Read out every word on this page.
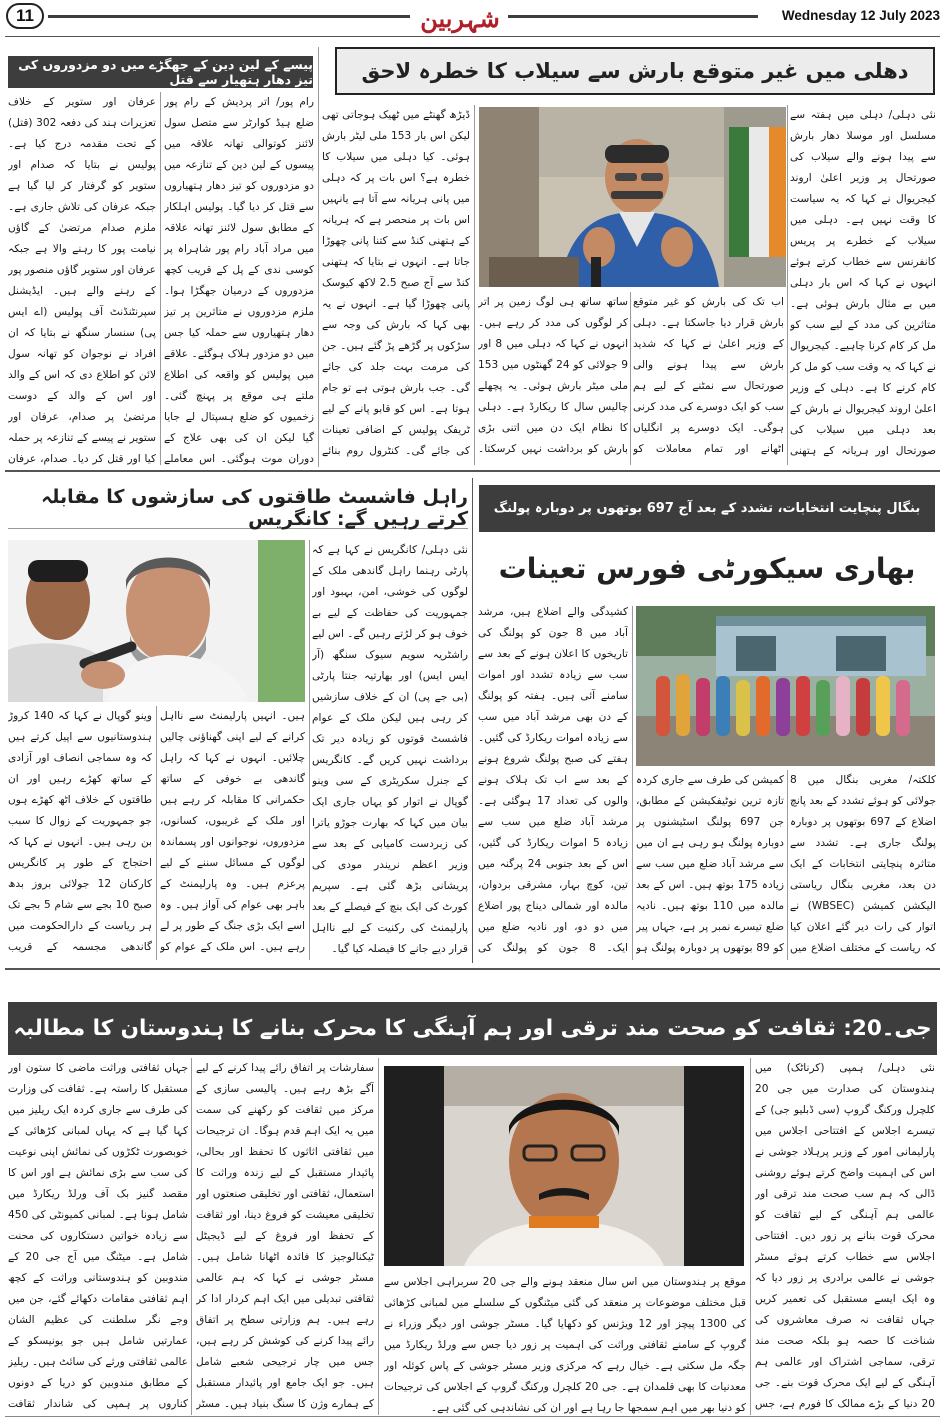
11	شہربین	Wednesday 12 July 2023
دھلی میں غیر متوقع بارش سے سیلاب کا خطرہ لاحق
نئی دہلی/ دہلی میں ہفتہ سے مسلسل اور موسلا دھار بارش سے پیدا ہونے والے سیلاب کی صورتحال پر وزیر اعلیٰ اروند کیجریوال نے کہا کہ یہ سیاست کا وقت نہیں ہے۔ دہلی میں سیلاب کے خطرے پر پریس کانفرنس سے خطاب کرتے ہوئے انہوں نے کہا کہ اس بار دہلی میں بے مثال بارش ہوئی ہے۔ متاثرین کی مدد کے لیے سب کو مل کر کام کرنا چاہیے۔ کیجریوال نے کہا کہ یہ وقت سب کو مل کر کام کرنے کا ہے۔ دہلی کے وزیر اعلیٰ اروند کیجریوال نے بارش کے بعد دہلی میں سیلاب کی صورتحال اور ہریانہ کے ہتھنی
اب تک کی بارش کو غیر متوقع بارش قرار دیا جاسکتا ہے۔ دہلی کے وزیر اعلیٰ نے کہا کہ شدید بارش سے پیدا ہونے والی صورتحال سے نمٹنے کے لیے ہم سب کو ایک دوسرے کی مدد کرنی ہوگی۔ ایک دوسرے پر انگلیاں اٹھانے اور تمام معاملات کو
ساتھ ساتھ ہی لوگ زمین پر اتر کر لوگوں کی مدد کر رہے ہیں۔ انہوں نے کہا کہ دہلی میں 8 اور 9 جولائی کو 24 گھنٹوں میں 153 ملی میٹر بارش ہوئی۔ یہ پچھلے چالیس سال کا ریکارڈ ہے۔ دہلی کا نظام ایک دن میں اتنی بڑی بارش کو برداشت نہیں کرسکتا۔
ڈیڑھ گھنٹے میں ٹھیک ہوجاتی تھی لیکن اس بار 153 ملی لیٹر بارش ہوئی۔ کیا دہلی میں سیلاب کا خطرہ ہے؟ اس بات پر کہ دہلی میں پانی ہریانہ سے آتا ہے یانہیں اس بات پر منحصر ہے کہ ہریانہ کے ہتھنی کنڈ سے کتنا پانی چھوڑا جاتا ہے۔ انہوں نے بتایا کہ ہتھنی کنڈ سے آج صبح 2.5 لاکھ کیوسک پانی چھوڑا گیا ہے۔ انہوں نے یہ بھی کہا کہ بارش کی وجہ سے سڑکوں پر گڑھے پڑ گئے ہیں۔ جن کی مرمت بہت جلد کی جائے گی۔ جب بارش ہوتی ہے تو جام ہوتا ہے۔ اس کو قابو پانے کے لیے ٹریفک پولیس کے اضافی تعینات کی جائے گی۔ کنٹرول روم بنائے
پیسے کے لین دین کے جھگڑے میں دو مزدوروں کی تیز دھار ہتھیار سے قتل
رام پور/ اتر پردیش کے رام پور ضلع ہیڈ کوارٹر سے متصل سول لائنز کوتوالی تھانہ علاقہ میں پیسوں کے لین دین کے تنازعہ میں دو مزدوروں کو تیز دھار ہتھیاروں سے قتل کر دیا گیا۔ پولیس اہلکار کے مطابق سول لائنز تھانہ علاقہ میں مراد آباد رام پور شاہراہ پر کوسی ندی کے پل کے قریب کچھ مزدوروں کے درمیان جھگڑا ہوا۔ ملزم مزدوروں نے متاثرین پر تیز دھار ہتھیاروں سے حملہ کیا جس میں دو مزدور ہلاک ہوگئے۔ علاقے میں پولیس کو واقعہ کی اطلاع ملتے ہی موقع پر پہنچ گئی۔ زخمیوں کو ضلع ہسپتال لے جایا گیا لیکن ان کی بھی علاج کے دوران موت ہوگئی۔ اس معاملے
عرفان اور ستویر کے خلاف تعزیرات ہند کی دفعہ 302 (قتل) کے تحت مقدمہ درج کیا ہے۔ پولیس نے بتایا کہ صدام اور ستویر کو گرفتار کر لیا گیا ہے جبکہ عرفان کی تلاش جاری ہے۔ ملزم صدام مرتضیٰ کے گاؤں نیامت پور کا رہنے والا ہے جبکہ عرفان اور ستویر گاؤں منصور پور کے رہنے والے ہیں۔ ایڈیشنل سپرنٹنڈنٹ آف پولیس (اے ایس پی) سنسار سنگھ نے بتایا کہ ان افراد نے نوجوان کو تھانہ سول لائن کو اطلاع دی کہ اس کے والد اور اس کے والد کے دوست مرتضیٰ پر صدام، عرفان اور ستویر نے پیسے کے تنازعہ پر حملہ کیا اور قتل کر دیا۔ صدام، عرفان
بنگال پنچایت انتخابات، تشدد کے بعد آج 697 بوتھوں پر دوبارہ پولنگ
بھاری سیکورٹی فورس تعینات
کلکتہ/ مغربی بنگال میں 8 جولائی کو ہوئے تشدد کے بعد پانچ اضلاع کے 697 بوتھوں پر دوبارہ پولنگ جاری ہے۔ تشدد سے متاثرہ پنچایتی انتخابات کے ایک دن بعد، مغربی بنگال ریاستی الیکشن کمیشن (WBSEC) نے اتوار کی رات دیر گئے اعلان کیا کہ ریاست کے مختلف اضلاع میں
کمیشن کی طرف سے جاری کردہ تازہ ترین نوٹیفکیشن کے مطابق، جن 697 پولنگ اسٹیشنوں پر دوبارہ پولنگ ہو رہی ہے ان میں سے مرشد آباد ضلع میں سب سے زیادہ 175 بوتھ ہیں۔ اس کے بعد مالدہ میں 110 بوتھ ہیں۔ نادیہ ضلع تیسرے نمبر پر ہے، جہاں پیر کو 89 بوتھوں پر دوبارہ پولنگ ہو
کشیدگی والے اضلاع ہیں، مرشد آباد میں 8 جون کو پولنگ کی تاریخوں کا اعلان ہونے کے بعد سے سب سے زیادہ تشدد اور اموات سامنے آئی ہیں۔ ہفتہ کو پولنگ کے دن بھی مرشد آباد میں سب سے زیادہ اموات ریکارڈ کی گئیں۔ ہفتے کی صبح پولنگ شروع ہونے کے بعد سے اب تک ہلاک ہونے والوں کی تعداد 17 ہوگئی ہے۔ مرشد آباد ضلع میں سب سے زیادہ 5 اموات ریکارڈ کی گئیں، اس کے بعد جنوبی 24 پرگنہ میں تین، کوچ بہار، مشرقی بردوان، مالدہ اور شمالی دیناج پور اضلاع میں دو دو، اور نادیہ ضلع میں ایک۔ 8 جون کو پولنگ کی
راہل فاشسٹ طاقتوں کی سازشوں کا مقابلہ کرتے رہیں گے: کانگریس
نئی دہلی/ کانگریس نے کہا ہے کہ پارٹی رہنما راہل گاندھی ملک کے لوگوں کی خوشی، امن، بہبود اور جمہوریت کی حفاظت کے لیے بے خوف ہو کر لڑتے رہیں گے۔ اس لیے راشٹریہ سویم سیوک سنگھ (آر ایس ایس) اور بھارتیہ جنتا پارٹی (بی جے پی) ان کے خلاف سازشیں کر رہی ہیں لیکن ملک کے عوام فاشسٹ قوتوں کو زیادہ دیر تک برداشت نہیں کریں گے۔ کانگریس کے جنرل سکریٹری کے سی وینو گوپال نے اتوار کو یہاں جاری ایک بیان میں کہا کہ بھارت جوڑو یاترا کی زبردست کامیابی کے بعد سے وزیر اعظم نریندر مودی کی پریشانی بڑھ گئی ہے۔ سپریم کورٹ کی ایک بنچ کے فیصلے کے بعد پارلیمنٹ کی رکنیت کے لیے نااہل قرار دیے جانے کا فیصلہ کیا گیا۔
ہیں۔ انہیں پارلیمنٹ سے نااہل کرانے کے لیے اپنی گھناؤنی چالیں چلائیں۔ انہوں نے کہا کہ راہل گاندھی بے خوفی کے ساتھ حکمرانی کا مقابلہ کر رہے ہیں اور ملک کے غریبوں، کسانوں، مزدوروں، نوجوانوں اور پسماندہ لوگوں کے مسائل سننے کے لیے پرعزم ہیں۔ وہ پارلیمنٹ کے باہر بھی عوام کی آواز ہیں۔ وہ اسے ایک بڑی جنگ کے طور پر لے رہے ہیں۔ اس ملک کے عوام کو
وینو گوپال نے کہا کہ 140 کروڑ ہندوستانیوں سے اپیل کرتے ہیں کہ وہ سماجی انصاف اور آزادی کے ساتھ کھڑے رہیں اور ان طاقتوں کے خلاف اٹھ کھڑے ہوں جو جمہوریت کے زوال کا سبب بن رہی ہیں۔ انہوں نے کہا کہ احتجاج کے طور پر کانگریس کارکنان 12 جولائی بروز بدھ صبح 10 بجے سے شام 5 بجے تک ہر ریاست کے دارالحکومت میں گاندھی مجسمہ کے قریب
جی۔20: ثقافت کو صحت مند ترقی اور ہم آہنگی کا محرک بنانے کا ہندوستان کا مطالبہ
نئی دہلی/ ہمپی (کرناٹک) میں ہندوستان کی صدارت میں جی 20 کلچرل ورکنگ گروپ (سی ڈبلیو جی) کے تیسرے اجلاس کے افتتاحی اجلاس میں پارلیمانی امور کے وزیر پرہلاد جوشی نے اس کی اہمیت واضح کرتے ہوئے روشنی ڈالی کہ ہم سب صحت مند ترقی اور عالمی ہم آہنگی کے لیے ثقافت کو محرک قوت بنانے پر زور دیں۔ افتتاحی اجلاس سے خطاب کرتے ہوئے مسٹر جوشی نے عالمی برادری پر زور دیا کہ وہ ایک ایسے مستقبل کی تعمیر کریں جہاں ثقافت نہ صرف معاشروں کی شناخت کا حصہ ہو بلکہ صحت مند ترقی، سماجی اشتراک اور عالمی ہم آہنگی کے لیے ایک محرک قوت بنے۔ جی 20 دنیا کے بڑے ممالک کا فورم ہے، جس
موقع پر ہندوستان میں اس سال منعقد ہونے والے جی 20 سربراہی اجلاس سے قبل مختلف موضوعات پر منعقد کی گئی میٹنگوں کے سلسلے میں لمبانی کڑھائی کی 1300 پیچز اور 12 ویژنس کو دکھایا گیا۔ مسٹر جوشی اور دیگر وزراء نے گروپ کے سامنے ثقافتی وراثت کی اہمیت پر زور دیا جس سے ورلڈ ریکارڈ میں جگہ مل سکتی ہے۔ خیال رہے کہ مرکزی وزیر مسٹر جوشی کے پاس کوئلہ اور معدنیات کا بھی قلمدان ہے۔ جی 20 کلچرل ورکنگ گروپ کے اجلاس کی ترجیحات کو دنیا بھر میں اہم سمجھا جا رہا ہے اور ان کی نشاندہی کی گئی ہے۔
سفارشات پر اتفاق رائے پیدا کرنے کے لیے آگے بڑھ رہے ہیں۔ پالیسی سازی کے مرکز میں ثقافت کو رکھنے کی سمت میں یہ ایک اہم قدم ہوگا۔ ان ترجیحات میں ثقافتی اثاثوں کا تحفظ اور بحالی، پائیدار مستقبل کے لیے زندہ وراثت کا استعمال، ثقافتی اور تخلیقی صنعتوں اور تخلیقی معیشت کو فروغ دینا، اور ثقافت کے تحفظ اور فروغ کے لیے ڈیجیٹل ٹیکنالوجیز کا فائدہ اٹھانا شامل ہیں۔ مسٹر جوشی نے کہا کہ ہم عالمی ثقافتی تبدیلی میں ایک اہم کردار ادا کر رہے ہیں۔ ہم وزارتی سطح پر اتفاق رائے پیدا کرنے کی کوشش کر رہے ہیں، جس میں چار ترجیحی شعبے شامل ہیں۔ جو ایک جامع اور پائیدار مستقبل کے ہمارے وژن کا سنگ بنیاد ہیں۔ مسٹر
جہاں ثقافتی وراثت ماضی کا ستون اور مستقبل کا راستہ ہے۔ ثقافت کی وزارت کی طرف سے جاری کردہ ایک ریلیز میں کہا گیا ہے کہ یہاں لمبانی کڑھائی کے خوبصورت ٹکڑوں کی نمائش اپنی نوعیت کی سب سے بڑی نمائش ہے اور اس کا مقصد گنیز بک آف ورلڈ ریکارڈ میں شامل ہونا ہے۔ لمبانی کمیونٹی کی 450 سے زیادہ خواتین دستکاروں کی محنت شامل ہے۔ میٹنگ میں آج جی 20 کے مندوبین کو ہندوستانی وراثت کے کچھ اہم ثقافتی مقامات دکھائے گئے، جن میں وجے نگر سلطنت کی عظیم الشان عمارتیں شامل ہیں جو یونیسکو کے عالمی ثقافتی ورثے کی سائٹ ہیں۔ ریلیز کے مطابق مندوبین کو دریا کے دونوں کناروں پر ہمپی کی شاندار ثقافت
